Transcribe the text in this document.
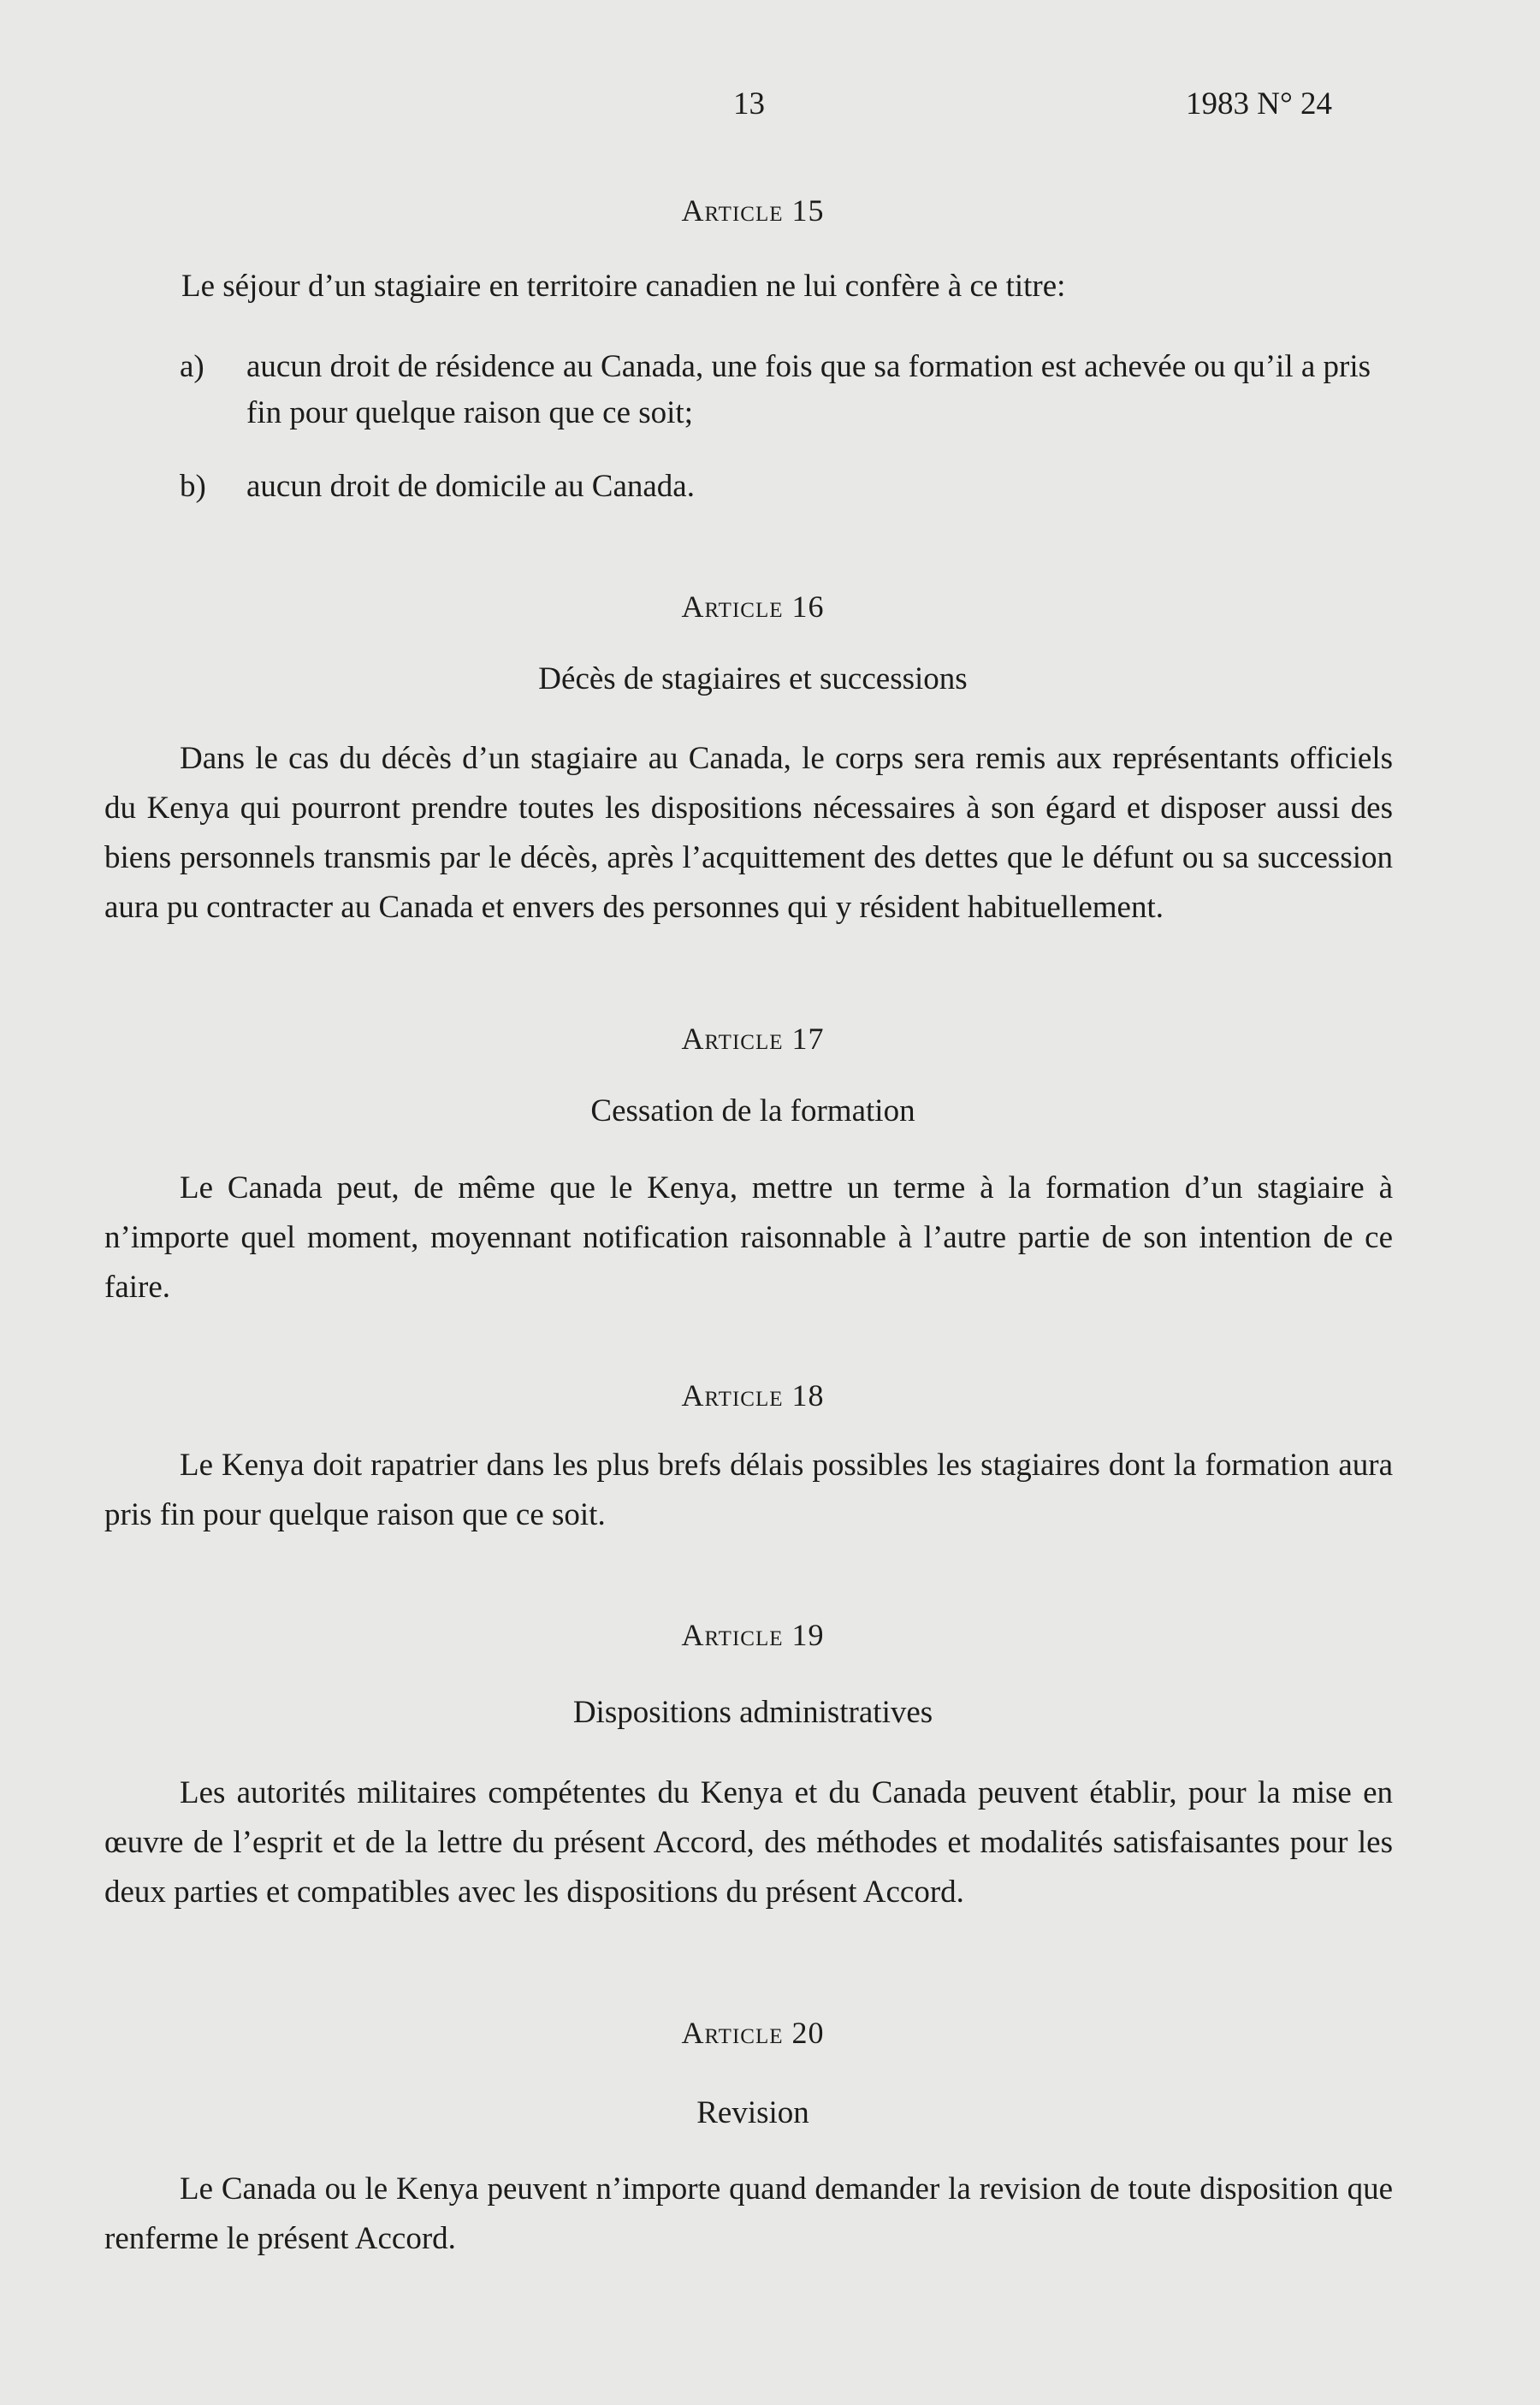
13	1983 N° 24
Article 15
Le séjour d’un stagiaire en territoire canadien ne lui confère à ce titre:
a) aucun droit de résidence au Canada, une fois que sa formation est achevée ou qu’il a pris fin pour quelque raison que ce soit;
b) aucun droit de domicile au Canada.
Article 16
Décès de stagiaires et successions

Dans le cas du décès d’un stagiaire au Canada, le corps sera remis aux représentants officiels du Kenya qui pourront prendre toutes les dispositions nécessaires à son égard et disposer aussi des biens personnels transmis par le décès, après l’acquittement des dettes que le défunt ou sa succession aura pu contracter au Canada et envers des personnes qui y résident habituellement.

Article 17
Cessation de la formation

Le Canada peut, de même que le Kenya, mettre un terme à la formation d’un stagiaire à n’importe quel moment, moyennant notification raisonnable à l’autre partie de son intention de ce faire.

Article 18

Le Kenya doit rapatrier dans les plus brefs délais possibles les stagiaires dont la formation aura pris fin pour quelque raison que ce soit.

Article 19
Dispositions administratives

Les autorités militaires compétentes du Kenya et du Canada peuvent établir, pour la mise en œuvre de l’esprit et de la lettre du présent Accord, des méthodes et modalités satisfaisantes pour les deux parties et compatibles avec les dispositions du présent Accord.

Article 20
Revision

Le Canada ou le Kenya peuvent n’importe quand demander la revision de toute disposition que renferme le présent Accord.
